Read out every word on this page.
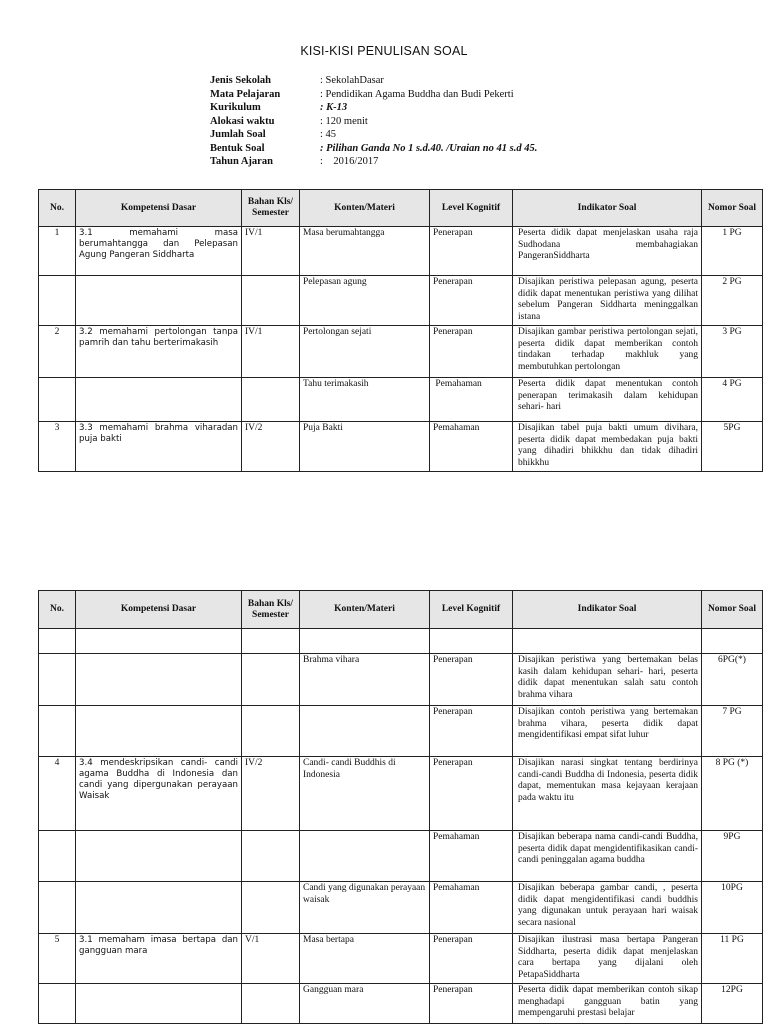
KISI-KISI PENULISAN SOAL
Jenis Sekolah	: SekolahDasar
Mata Pelajaran	: Pendidikan Agama Buddha dan Budi Pekerti
Kurikulum	: K-13
Alokasi waktu	: 120 menit
Jumlah Soal	: 45
Bentuk Soal	: Pilihan Ganda No 1 s.d.40. /Uraian no 41 s.d 45.
Tahun Ajaran	:    2016/2017
No.	Kompetensi Dasar	Bahan Kls/ Semester	Konten/Materi	Level Kognitif	Indikator Soal	Nomor Soal
1	3.1 memahami masa berumahtangga dan Pelepasan Agung Pangeran Siddharta	IV/1	Masa berumahtangga	Penerapan	Peserta didik dapat menjelaskan usaha raja Sudhodana membahagiakan PangeranSiddharta	1 PG
			Pelepasan agung	Penerapan	Disajikan peristiwa pelepasan agung, peserta didik dapat menentukan peristiwa yang dilihat sebelum Pangeran Siddharta meninggalkan istana	2 PG
2	3.2 memahami pertolongan tanpa pamrih dan tahu berterimakasih	IV/1	Pertolongan sejati	Penerapan	Disajikan gambar peristiwa pertolongan sejati, peserta didik dapat memberikan contoh tindakan terhadap makhluk yang membutuhkan pertolongan	3 PG
			Tahu terimakasih	Pemahaman	Peserta didik dapat menentukan contoh penerapan terimakasih dalam kehidupan sehari- hari	4 PG
3	3.3 memahami brahma viharadan puja bakti	IV/2	Puja Bakti	Pemahaman	Disajikan tabel puja bakti umum divihara, peserta didik dapat membedakan puja bakti yang dihadiri bhikkhu dan tidak dihadiri bhikkhu	5PG
No.	Kompetensi Dasar	Bahan Kls/ Semester	Konten/Materi	Level Kognitif	Indikator Soal	Nomor Soal

			Brahma vihara	Penerapan	Disajikan peristiwa yang bertemakan belas kasih dalam kehidupan sehari- hari, peserta didik dapat menentukan salah satu contoh brahma vihara	6PG(*)
				Penerapan	Disajikan contoh peristiwa yang bertemakan brahma vihara, peserta didik dapat mengidentifikasi empat sifat luhur	7 PG
4	3.4 mendeskripsikan candi- candi agama Buddha di Indonesia dan candi yang dipergunakan perayaan Waisak	IV/2	Candi- candi Buddhis di Indonesia	Penerapan	Disajikan narasi singkat tentang berdirinya candi-candi Buddha di Indonesia, peserta didik dapat, mementukan masa kejayaan kerajaan pada waktu itu	8 PG (*)
				Pemahaman	Disajikan beberapa nama candi-candi Buddha, peserta didik dapat mengidentifikasikan candi- candi peninggalan agama buddha	9PG
			Candi yang digunakan perayaan waisak	Pemahaman	Disajikan beberapa gambar candi, , peserta didik dapat mengidentifikasi candi buddhis yang digunakan untuk perayaan hari waisak secara nasional	10PG
5	3.1 memaham imasa bertapa dan gangguan mara	V/1	Masa bertapa	Penerapan	Disajikan ilustrasi masa bertapa Pangeran Siddharta, peserta didik dapat menjelaskan cara bertapa yang dijalani oleh PetapaSiddharta	11 PG
			Gangguan mara	Penerapan	Peserta didik dapat memberikan contoh sikap menghadapi gangguan batin yang mempengaruhi prestasi belajar	12PG
